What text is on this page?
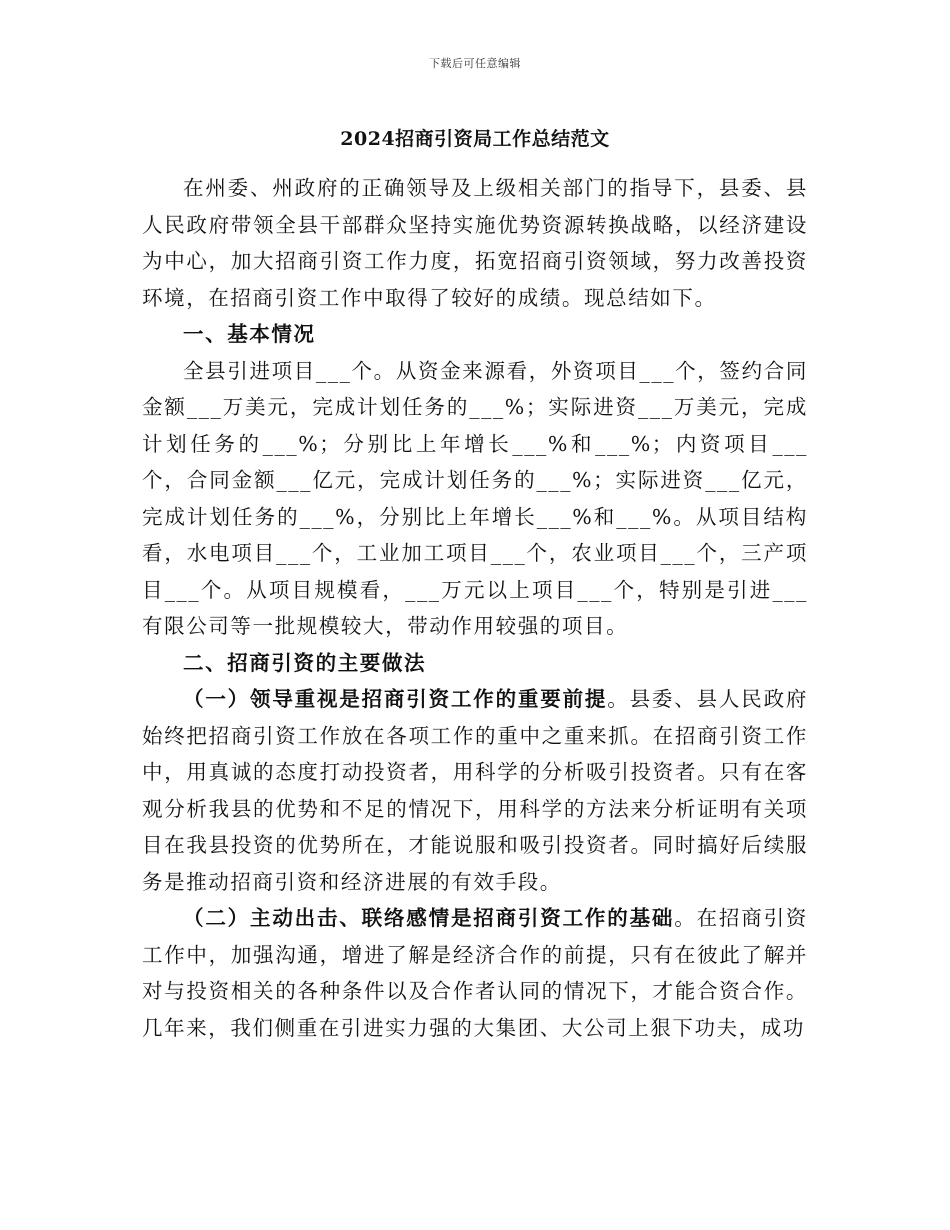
下载后可任意编辑
2024招商引资局工作总结范文

在州委、州政府的正确领导及上级相关部门的指导下，县委、县人民政府带领全县干部群众坚持实施优势资源转换战略，以经济建设为中心，加大招商引资工作力度，拓宽招商引资领域，努力改善投资环境，在招商引资工作中取得了较好的成绩。现总结如下。

一、基本情况

全县引进项目___个。从资金来源看，外资项目___个，签约合同金额___万美元，完成计划任务的___%；实际进资___万美元，完成计划任务的___%；分别比上年增长___%和___%；内资项目___个，合同金额___亿元，完成计划任务的___%；实际进资___亿元，完成计划任务的___%，分别比上年增长___%和___%。从项目结构看，水电项目___个，工业加工项目___个，农业项目___个，三产项目___个。从项目规模看，___万元以上项目___个，特别是引进___有限公司等一批规模较大，带动作用较强的项目。

二、招商引资的主要做法

（一）领导重视是招商引资工作的重要前提。县委、县人民政府始终把招商引资工作放在各项工作的重中之重来抓。在招商引资工作中，用真诚的态度打动投资者，用科学的分析吸引投资者。只有在客观分析我县的优势和不足的情况下，用科学的方法来分析证明有关项目在我县投资的优势所在，才能说服和吸引投资者。同时搞好后续服务是推动招商引资和经济进展的有效手段。

（二）主动出击、联络感情是招商引资工作的基础。在招商引资工作中，加强沟通，增进了解是经济合作的前提，只有在彼此了解并对与投资相关的各种条件以及合作者认同的情况下，才能合资合作。几年来，我们侧重在引进实力强的大集团、大公司上狠下功夫，成功
